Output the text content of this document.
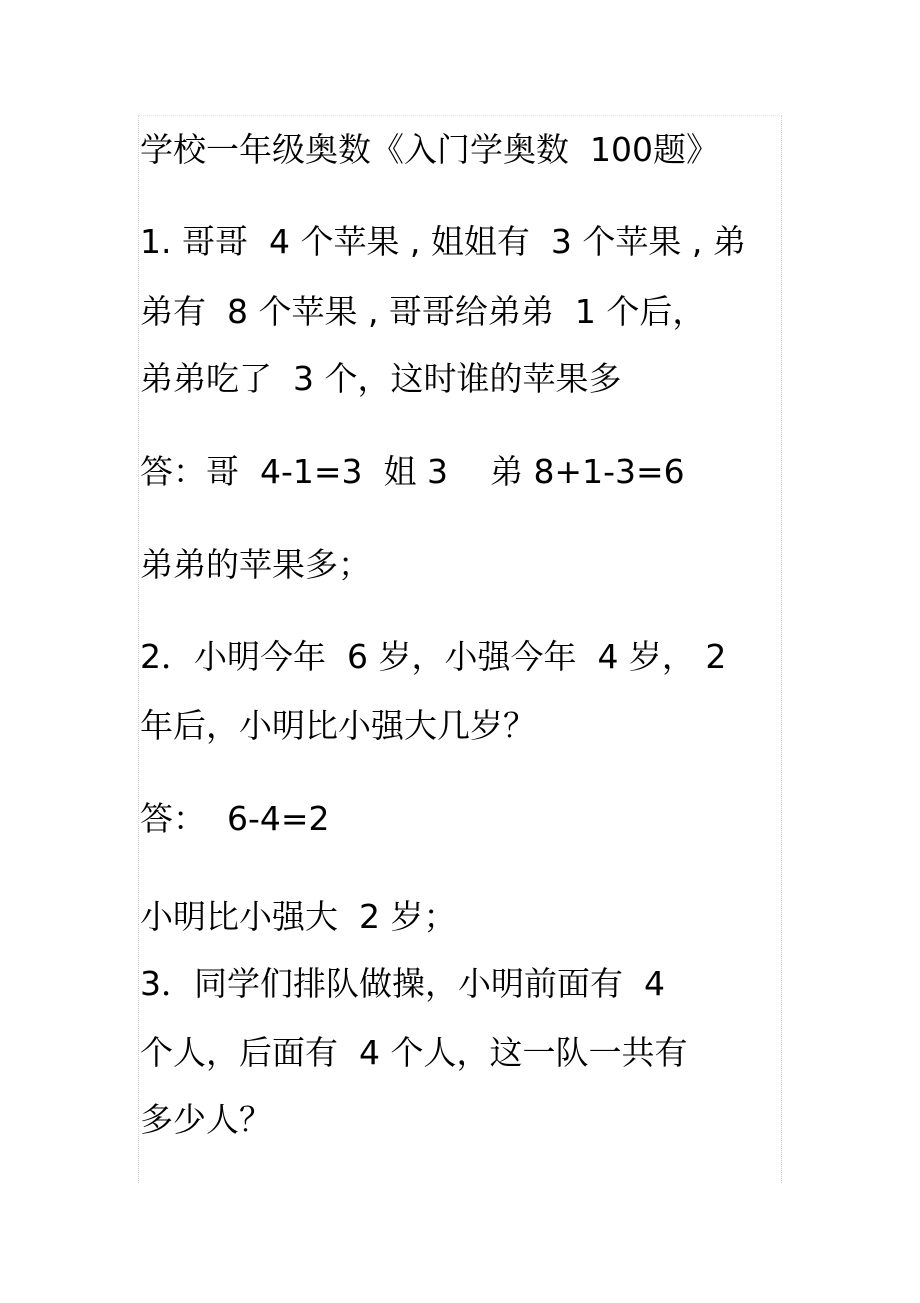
学校一年级奥数《入门学奥数  100题》

1. 哥哥  4 个苹果 , 姐姐有  3 个苹果 , 弟

弟有  8 个苹果 , 哥哥给弟弟  1 个后，

弟弟吃了  3 个，这时谁的苹果多

答：哥  4-1=3  姐 3    弟 8+1-3=6

弟弟的苹果多；

2．小明今年  6 岁，小强今年  4 岁， 2

年后，小明比小强大几岁？

答：  6-4=2

小明比小强大  2 岁；

3．同学们排队做操，小明前面有  4

个人，后面有  4 个人，这一队一共有

多少人？
